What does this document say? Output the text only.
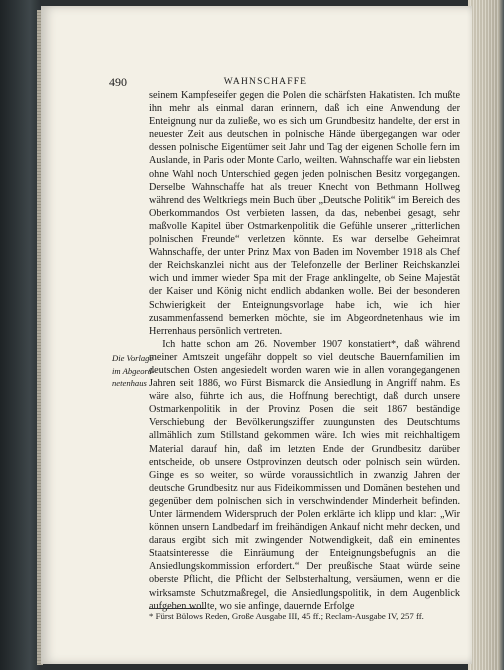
490	WAHNSCHAFFE
Die Vorlage
im Abgeord-
netenhaus

seinem Kampfeseifer gegen die Polen die schärfsten Hakatisten. Ich mußte ihn mehr als einmal daran erinnern, daß ich eine Anwendung der Enteignung nur da zuließe, wo es sich um Grundbesitz handelte, der erst in neuester Zeit aus deutschen in polnische Hände übergegangen war oder dessen polnische Eigentümer seit Jahr und Tag der eigenen Scholle fern im Auslande, in Paris oder Monte Carlo, weilten. Wahnschaffe war ein liebsten ohne Wahl noch Unterschied gegen jeden polnischen Besitz vorgegangen. Derselbe Wahnschaffe hat als treuer Knecht von Bethmann Hollweg während des Weltkriegs mein Buch über „Deutsche Politik“ im Bereich des Oberkommandos Ost verbieten lassen, da das, nebenbei gesagt, sehr maßvolle Kapitel über Ostmarkenpolitik die Gefühle unserer „ritterlichen polnischen Freunde“ verletzen könnte. Es war derselbe Geheimrat Wahnschaffe, der unter Prinz Max von Baden im November 1918 als Chef der Reichskanzlei nicht aus der Telefonzelle der Berliner Reichskanzlei wich und immer wieder Spa mit der Frage anklingelte, ob Seine Majestät der Kaiser und König nicht endlich abdanken wolle. Bei der besonderen Schwierigkeit der Enteignungsvorlage habe ich, wie ich hier zusammenfassend bemerken möchte, sie im Abgeordnetenhaus wie im Herrenhaus persönlich vertreten.

Ich hatte schon am 26. November 1907 konstatiert*, daß während meiner Amtszeit ungefähr doppelt so viel deutsche Bauernfamilien im deutschen Osten angesiedelt worden waren wie in allen vorangegangenen Jahren seit 1886, wo Fürst Bismarck die Ansiedlung in Angriff nahm. Es wäre also, führte ich aus, die Hoffnung berechtigt, daß durch unsere Ostmarkenpolitik in der Provinz Posen die seit 1867 beständige Verschiebung der Bevölkerungsziffer zuungunsten des Deutschtums allmählich zum Stillstand gekommen wäre. Ich wies mit reichhaltigem Material darauf hin, daß im letzten Ende der Grundbesitz darüber entscheide, ob unsere Ostprovinzen deutsch oder polnisch sein würden. Ginge es so weiter, so würde voraussichtlich in zwanzig Jahren der deutsche Grundbesitz nur aus Fideikommissen und Domänen bestehen und gegenüber dem polnischen sich in verschwindender Minderheit befinden. Unter lärmendem Widerspruch der Polen erklärte ich klipp und klar: „Wir können unsern Landbedarf im freihändigen Ankauf nicht mehr decken, und daraus ergibt sich mit zwingender Notwendigkeit, daß ein eminentes Staatsinteresse die Einräumung der Enteignungsbefugnis an die Ansiedlungskommission erfordert.“ Der preußische Staat würde seine oberste Pflicht, die Pflicht der Selbsterhaltung, versäumen, wenn er die wirksamste Schutzmaßregel, die Ansiedlungspolitik, in dem Augenblick aufgeben wollte, wo sie anfinge, dauernde Erfolge

* Fürst Bülows Reden, Große Ausgabe III, 45 ff.; Reclam-Ausgabe IV, 257 ff.
